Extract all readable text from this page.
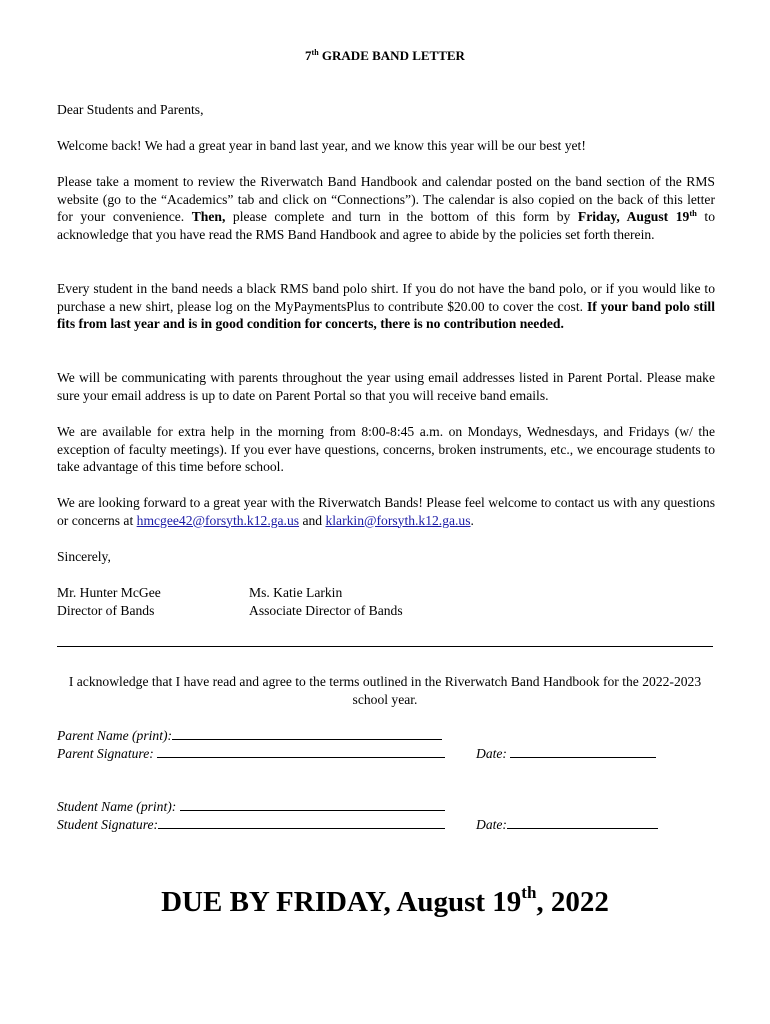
7th GRADE BAND LETTER
Dear Students and Parents,
Welcome back! We had a great year in band last year, and we know this year will be our best yet!
Please take a moment to review the Riverwatch Band Handbook and calendar posted on the band section of the RMS website (go to the “Academics” tab and click on “Connections”). The calendar is also copied on the back of this letter for your convenience. Then, please complete and turn in the bottom of this form by Friday, August 19th to acknowledge that you have read the RMS Band Handbook and agree to abide by the policies set forth therein.
Every student in the band needs a black RMS band polo shirt. If you do not have the band polo, or if you would like to purchase a new shirt, please log on the MyPaymentsPlus to contribute $20.00 to cover the cost. If your band polo still fits from last year and is in good condition for concerts, there is no contribution needed.
We will be communicating with parents throughout the year using email addresses listed in Parent Portal. Please make sure your email address is up to date on Parent Portal so that you will receive band emails.
We are available for extra help in the morning from 8:00-8:45 a.m. on Mondays, Wednesdays, and Fridays (w/ the exception of faculty meetings). If you ever have questions, concerns, broken instruments, etc., we encourage students to take advantage of this time before school.
We are looking forward to a great year with the Riverwatch Bands! Please feel welcome to contact us with any questions or concerns at hmcgee42@forsyth.k12.ga.us and klarkin@forsyth.k12.ga.us.
Sincerely,
Mr. Hunter McGee
Director of Bands
Ms. Katie Larkin
Associate Director of Bands
I acknowledge that I have read and agree to the terms outlined in the Riverwatch Band Handbook for the 2022-2023 school year.
Parent Name (print):
Parent Signature:	Date:
Student Name (print):
Student Signature:	Date:
DUE BY FRIDAY, August 19th, 2022
